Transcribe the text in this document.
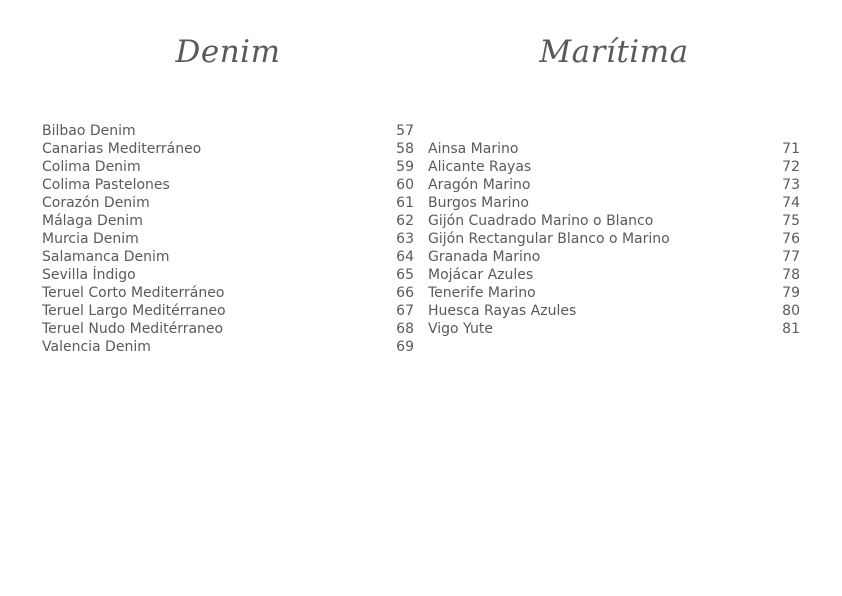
Denim
Bilbao Denim	57
Canarias Mediterráneo	58
Colima Denim	59
Colima Pastelones	60
Corazón Denim	61
Málaga Denim	62
Murcia Denim	63
Salamanca Denim	64
Sevilla Índigo	65
Teruel Corto Mediterráneo	66
Teruel Largo Meditérraneo	67
Teruel Nudo Meditérraneo	68
Valencia Denim	69
Marítima
Ainsa Marino	71
Alicante Rayas	72
Aragón Marino	73
Burgos Marino	74
Gijón Cuadrado Marino o Blanco	75
Gijón Rectangular Blanco o Marino	76
Granada Marino	77
Mojácar Azules	78
Tenerife Marino	79
Huesca Rayas Azules	80
Vigo Yute	81
